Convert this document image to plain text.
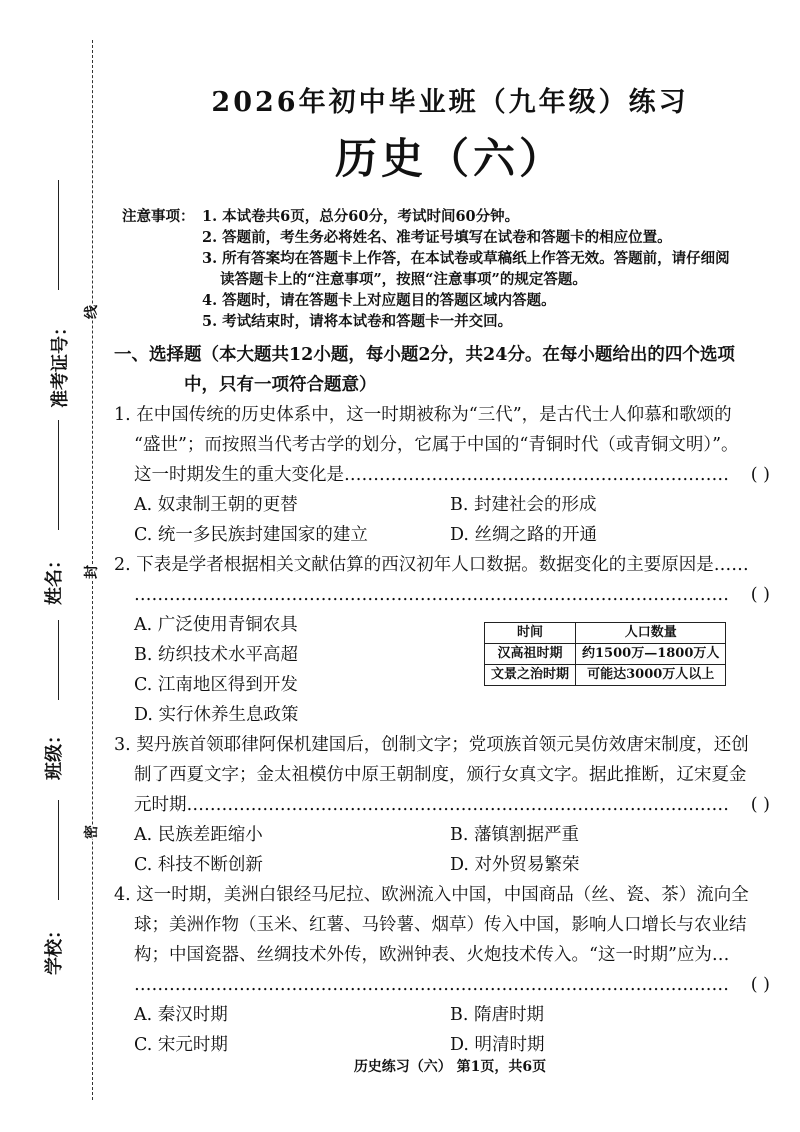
线
封
密
准考证号：
姓名：
班级：
学校：
2026年初中毕业班（九年级）练习
历史（六）
注意事项： 1. 本试卷共6页，总分60分，考试时间60分钟。
2. 答题前，考生务必将姓名、准考证号填写在试卷和答题卡的相应位置。
3. 所有答案均在答题卡上作答，在本试卷或草稿纸上作答无效。答题前，请仔细阅
读答题卡上的“注意事项”，按照“注意事项”的规定答题。
4. 答题时，请在答题卡上对应题目的答题区域内答题。
5. 考试结束时，请将本试卷和答题卡一并交回。
一、选择题（本大题共12小题，每小题2分，共24分。在每小题给出的四个选项
中，只有一项符合题意）
1. 在中国传统的历史体系中，这一时期被称为“三代”，是古代士人仰慕和歌颂的
“盛世”；而按照当代考古学的划分，它属于中国的“青铜时代（或青铜文明）”。
( )
这一时期发生的重大变化是…………………………………………………………
A. 奴隶制王朝的更替	B. 封建社会的形成
C. 统一多民族封建国家的建立	D. 丝绸之路的开通
2. 下表是学者根据相关文献估算的西汉初年人口数据。数据变化的主要原因是……
( )
…………………………………………………………………………………………
A. 广泛使用青铜农具
B. 纺织技术水平高超
C. 江南地区得到开发
D. 实行休养生息政策
时间	人口数量
汉高祖时期	约1500万—1800万人
文景之治时期	可能达3000万人以上
3. 契丹族首领耶律阿保机建国后，创制文字；党项族首领元昊仿效唐宋制度，还创
制了西夏文字；金太祖模仿中原王朝制度，颁行女真文字。据此推断，辽宋夏金
( )
元时期…………………………………………………………………………………
A. 民族差距缩小	B. 藩镇割据严重
C. 科技不断创新	D. 对外贸易繁荣
4. 这一时期，美洲白银经马尼拉、欧洲流入中国，中国商品（丝、瓷、茶）流向全
球；美洲作物（玉米、红薯、马铃薯、烟草）传入中国，影响人口增长与农业结
构；中国瓷器、丝绸技术外传，欧洲钟表、火炮技术传入。“这一时期”应为…
( )
…………………………………………………………………………………………
A. 秦汉时期	B. 隋唐时期
C. 宋元时期	D. 明清时期
历史练习（六） 第1页，共6页
